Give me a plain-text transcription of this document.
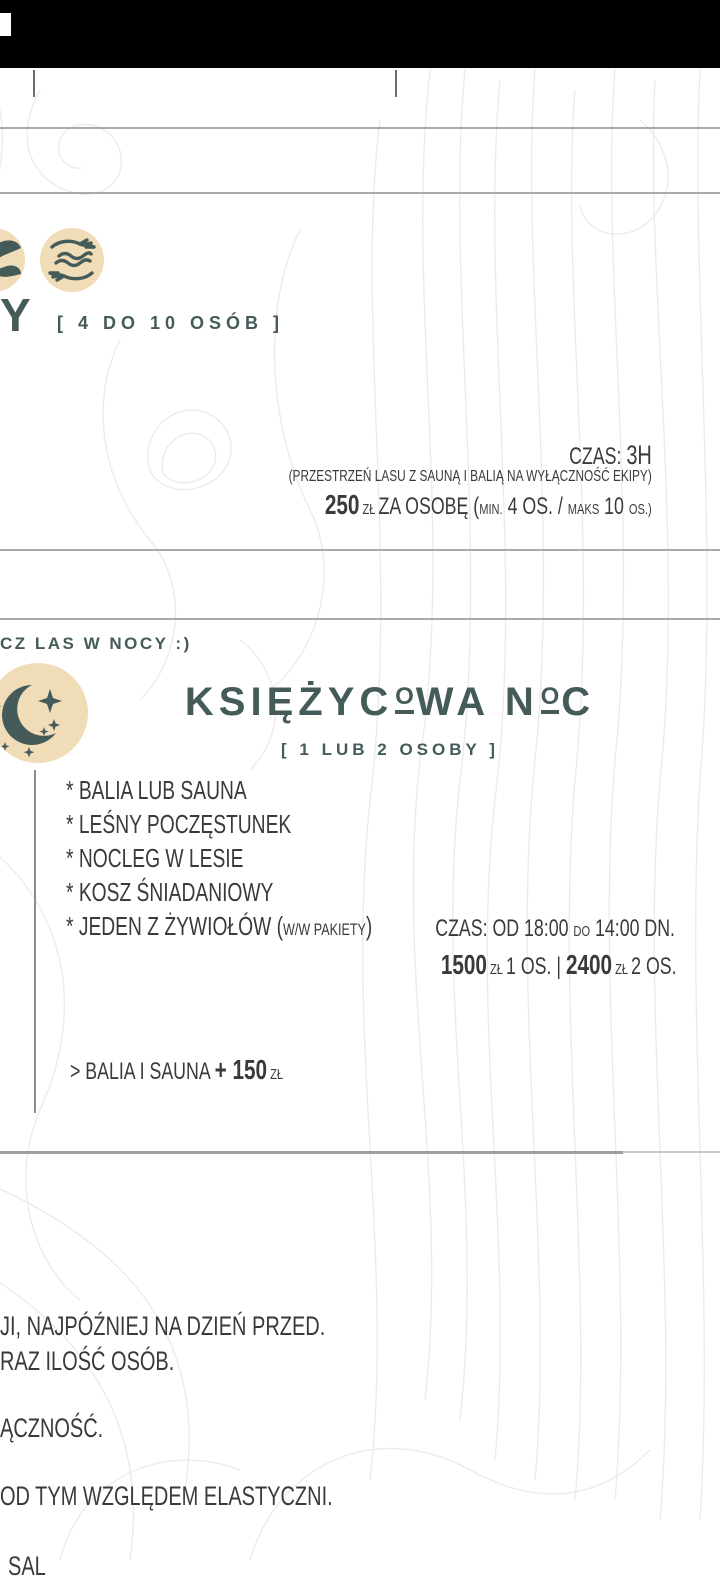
Y [ 4 DO 10 OSÓB ]
CZAS: 3H
(PRZESTRZEŃ LASU Z SAUNĄ I BALIĄ NA WYŁĄCZNOŚĆ EKIPY)
250 ZŁ ZA OSOBĘ (MIN. 4 OS. / MAKS 10 OS.)
CZ LAS W NOCY :)
KSIĘŻYCOWA NOC
[ 1 LUB 2 OSOBY ]
* BALIA LUB SAUNA
* LEŚNY POCZĘSTUNEK
* NOCLEG W LESIE
* KOSZ ŚNIADANIOWY
* JEDEN Z ŻYWIOŁÓW (W/W PAKIETY)	CZAS: OD 18:00 DO 14:00 DN.
1500 ZŁ 1 OS. | 2400 ZŁ 2 OS.
> BALIA I SAUNA + 150 ZŁ
JI, NAJPÓŹNIEJ NA DZIEŃ PRZED.
RAZ ILOŚĆ OSÓB.
ĄCZNOŚĆ.
OD TYM WZGLĘDEM ELASTYCZNI.
SAL
